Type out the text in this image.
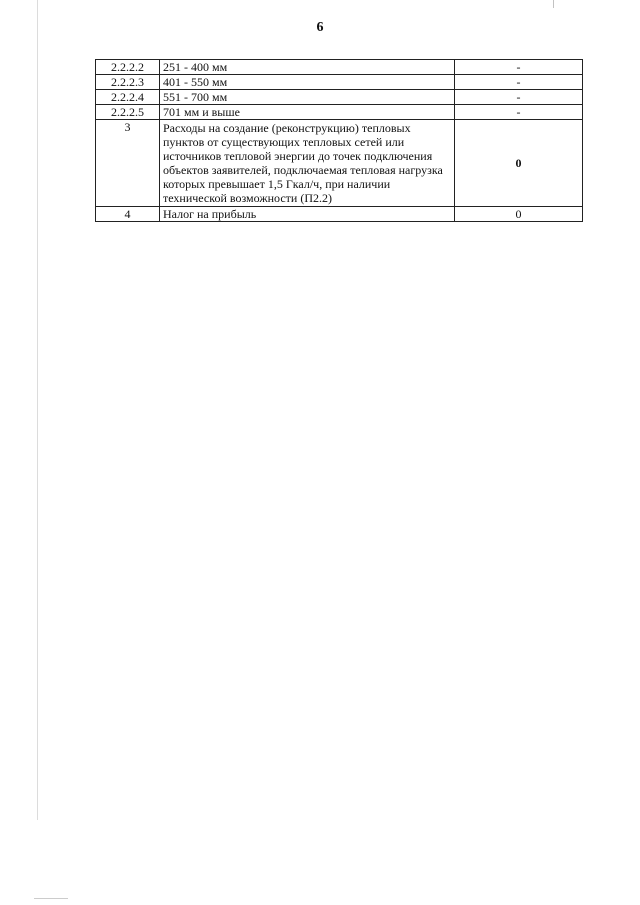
6
2.2.2.2	251 - 400 мм	-
2.2.2.3	401 - 550 мм	-
2.2.2.4	551 - 700 мм	-
2.2.2.5	701 мм и выше	-
3	Расходы на создание (реконструкцию) тепловых пунктов от существующих тепловых сетей или источников тепловой энергии до точек подключения объектов заявителей, подключаемая тепловая нагрузка которых превышает 1,5 Гкал/ч, при наличии технической возможности (П2.2)	0
4	Налог на прибыль	0
